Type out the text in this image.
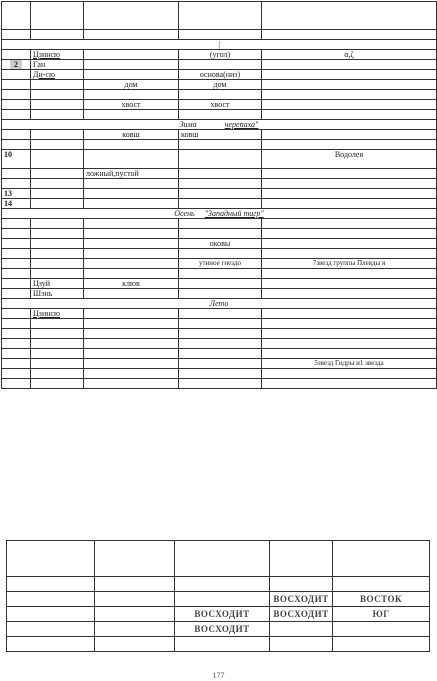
|				
	Цзинсю		(угол)	α,ζ
2	Ган			
	Ди-сю		основа(низ)	
		дом	дом	

		хвост	хвост	

Зима черепаха"				
		ковш	ковш	

10				Водолея
		ложный,пустой		

13				
14				
Осень "Западный тигр"				

			оковы	

			утиное гнездо	7звезд группы Плеяды я

	Цзуй	клюв		
	Шэнь			
Лето				
	Цзинсю			

				5звезд Гидры и1 звезда

			ВОСХОДИТ	ВОСТОК
		ВОСХОДИТ	ВОСХОДИТ	ЮГ
		ВОСХОДИТ		

177
